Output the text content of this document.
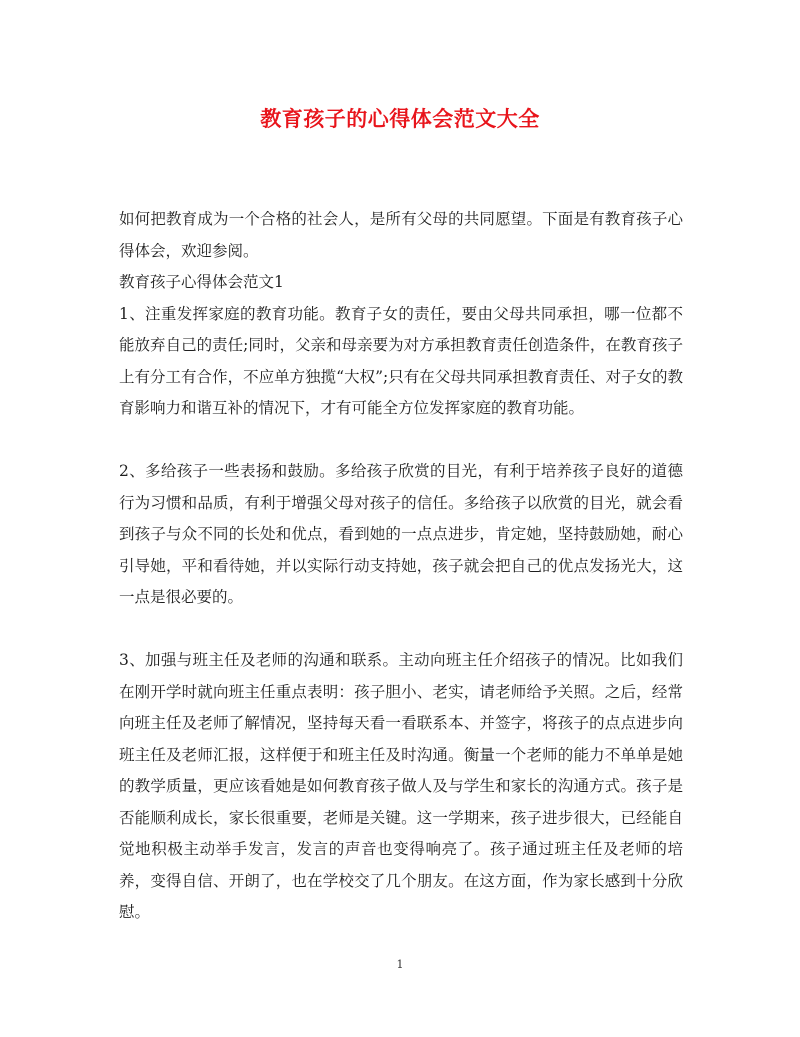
教育孩子的心得体会范文大全

如何把教育成为一个合格的社会人，是所有父母的共同愿望。下面是有教育孩子心得体会，欢迎参阅。

教育孩子心得体会范文1

1、注重发挥家庭的教育功能。教育子女的责任，要由父母共同承担，哪一位都不能放弃自己的责任;同时，父亲和母亲要为对方承担教育责任创造条件，在教育孩子上有分工有合作，不应单方独揽“大权”;只有在父母共同承担教育责任、对子女的教育影响力和谐互补的情况下，才有可能全方位发挥家庭的教育功能。

2、多给孩子一些表扬和鼓励。多给孩子欣赏的目光，有利于培养孩子良好的道德行为习惯和品质，有利于增强父母对孩子的信任。多给孩子以欣赏的目光，就会看到孩子与众不同的长处和优点，看到她的一点点进步，肯定她，坚持鼓励她，耐心引导她，平和看待她，并以实际行动支持她，孩子就会把自己的优点发扬光大，这一点是很必要的。

3、加强与班主任及老师的沟通和联系。主动向班主任介绍孩子的情况。比如我们在刚开学时就向班主任重点表明：孩子胆小、老实，请老师给予关照。之后，经常向班主任及老师了解情况，坚持每天看一看联系本、并签字，将孩子的点点进步向班主任及老师汇报，这样便于和班主任及时沟通。衡量一个老师的能力不单单是她的教学质量，更应该看她是如何教育孩子做人及与学生和家长的沟通方式。孩子是否能顺利成长，家长很重要，老师是关键。这一学期来，孩子进步很大，已经能自觉地积极主动举手发言，发言的声音也变得响亮了。孩子通过班主任及老师的培养，变得自信、开朗了，也在学校交了几个朋友。在这方面，作为家长感到十分欣慰。

1
